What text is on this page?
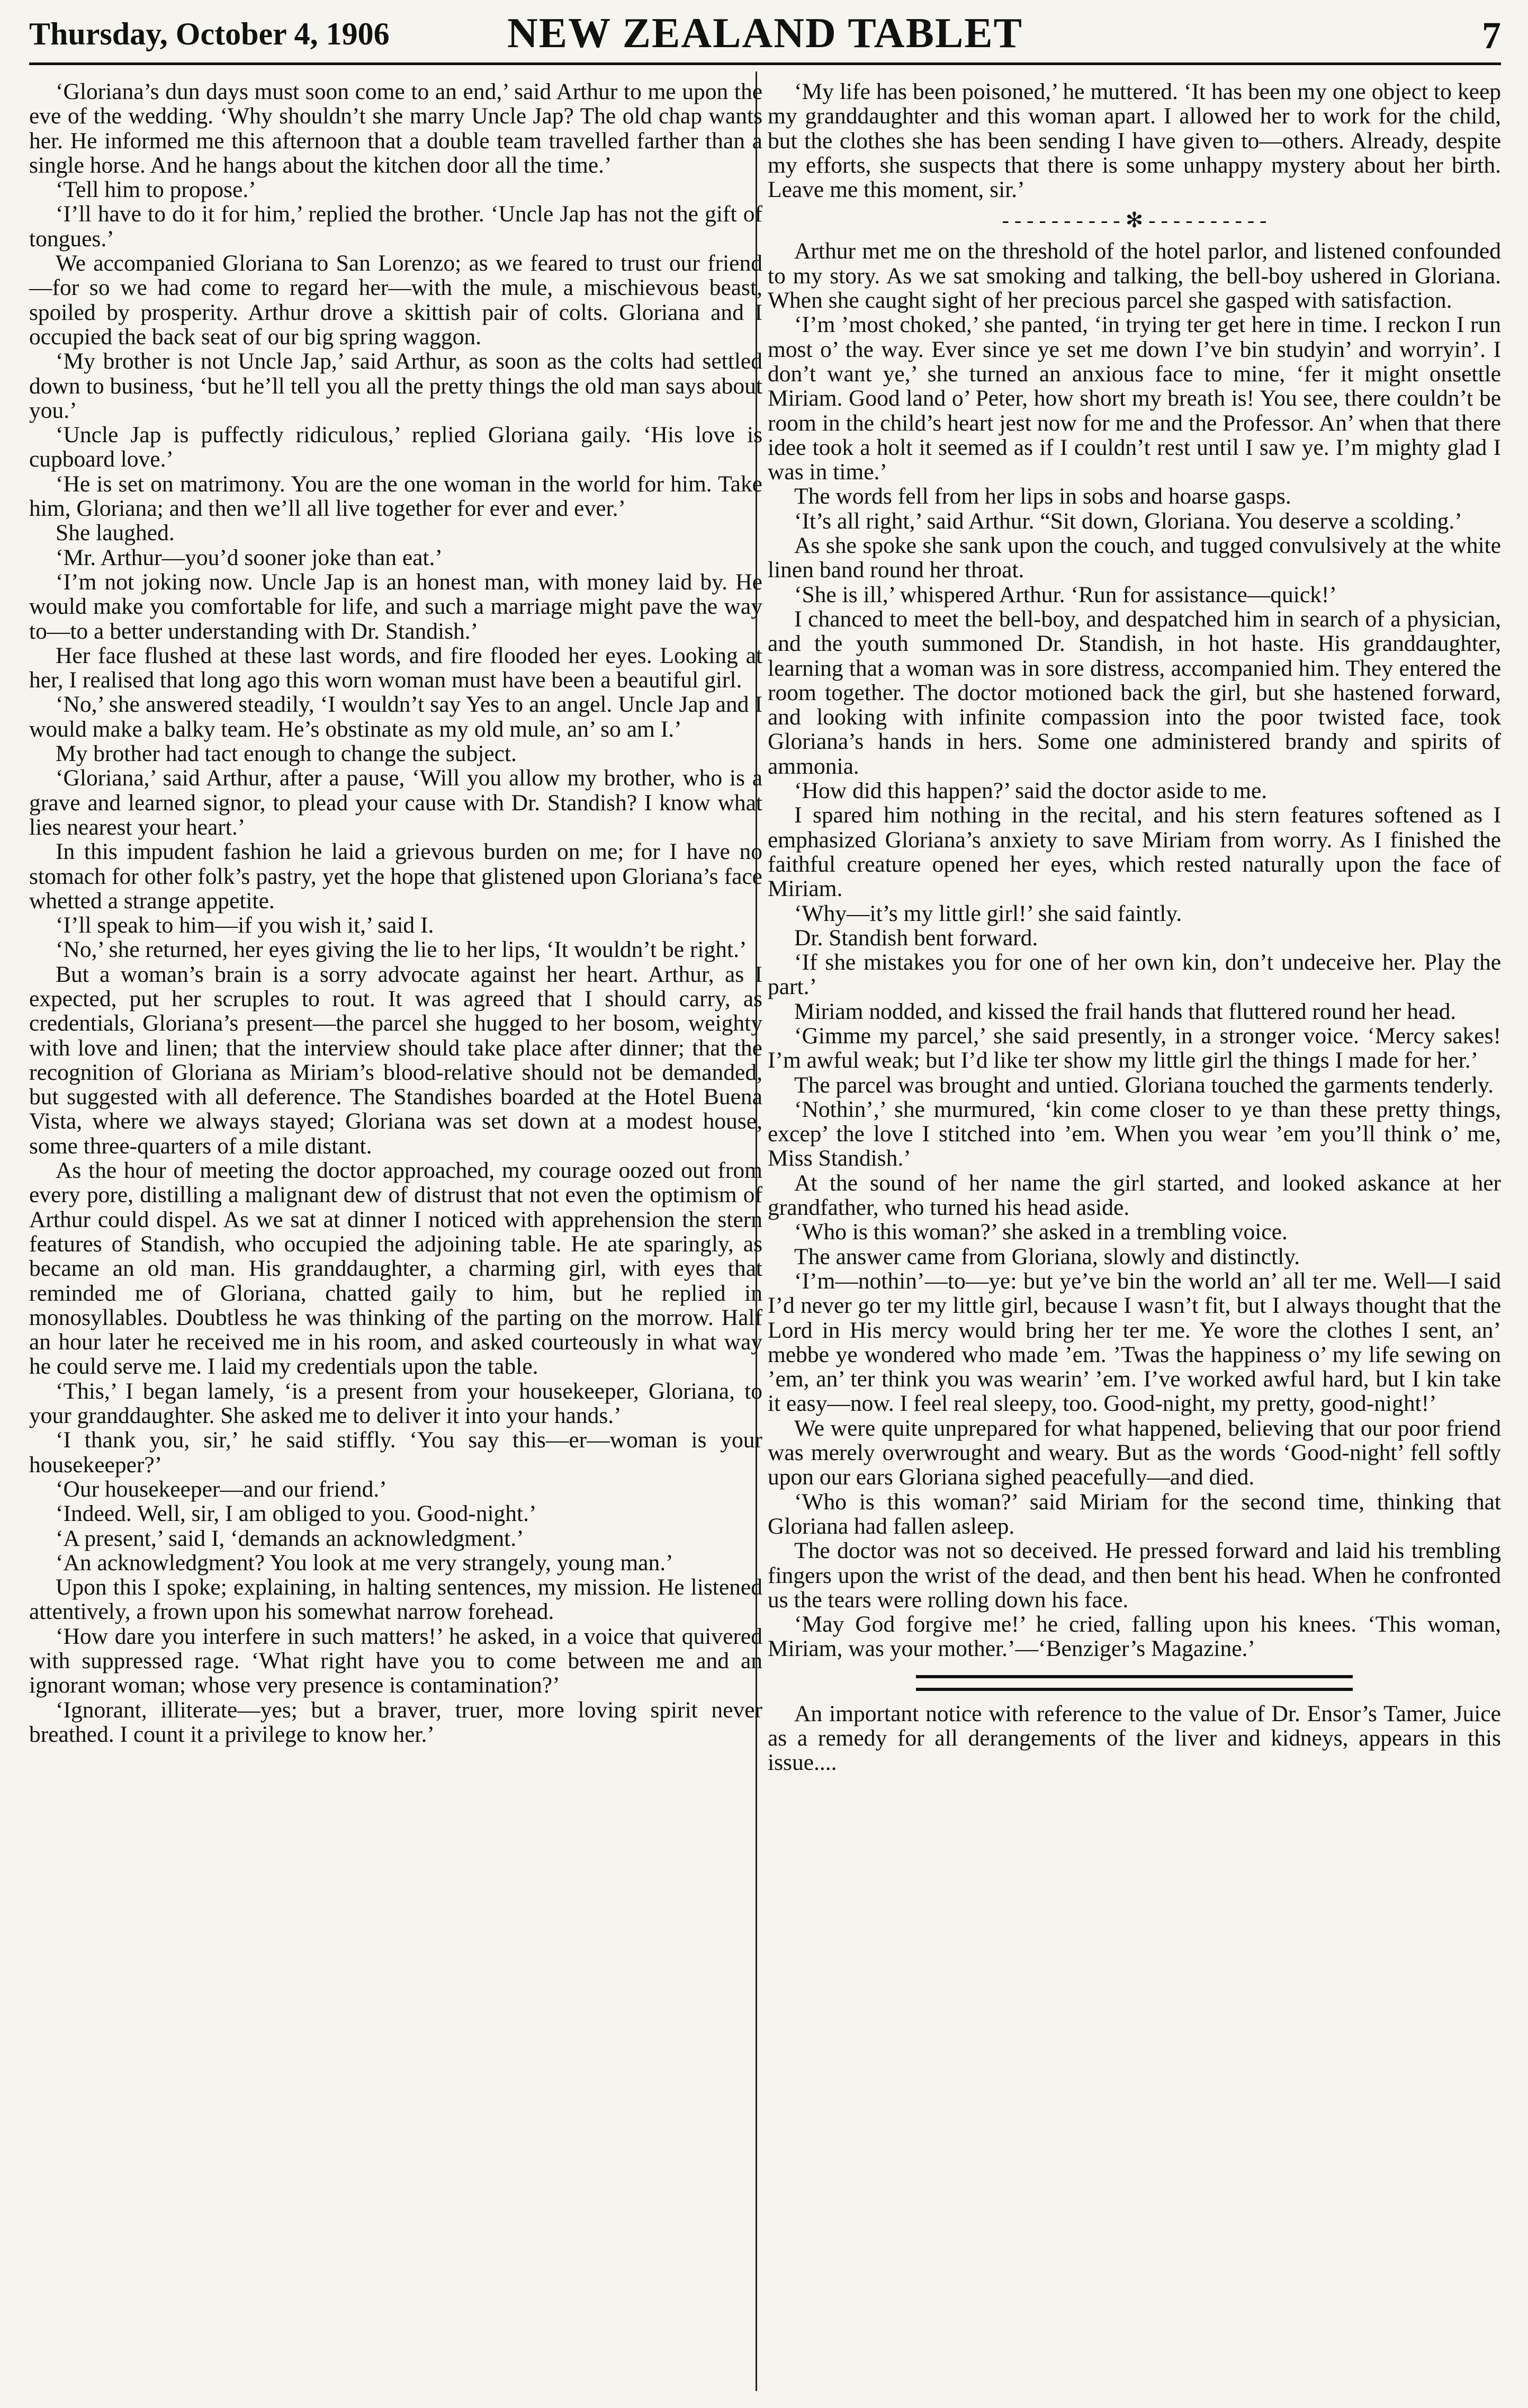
Thursday, October 4, 1906	NEW ZEALAND TABLET	7

‘Gloriana’s dun days must soon come to an end,’ said Arthur to me upon the eve of the wedding. ‘Why shouldn’t she marry Uncle Jap? The old chap wants her. He informed me this afternoon that a double team travelled farther than a single horse. And he hangs about the kitchen door all the time.’

‘Tell him to propose.’

‘I’ll have to do it for him,’ replied the brother. ‘Uncle Jap has not the gift of tongues.’

We accompanied Gloriana to San Lorenzo; as we feared to trust our friend—for so we had come to regard her—with the mule, a mischievous beast, spoiled by prosperity. Arthur drove a skittish pair of colts. Gloriana and I occupied the back seat of our big spring waggon.

‘My brother is not Uncle Jap,’ said Arthur, as soon as the colts had settled down to business, ‘but he’ll tell you all the pretty things the old man says about you.’

‘Uncle Jap is puffectly ridiculous,’ replied Gloriana gaily. ‘His love is cupboard love.’

‘He is set on matrimony. You are the one woman in the world for him. Take him, Gloriana; and then we’ll all live together for ever and ever.’

She laughed.

‘Mr. Arthur—you’d sooner joke than eat.’

‘I’m not joking now. Uncle Jap is an honest man, with money laid by. He would make you comfortable for life, and such a marriage might pave the way to—to a better understanding with Dr. Standish.’

Her face flushed at these last words, and fire flooded her eyes. Looking at her, I realised that long ago this worn woman must have been a beautiful girl.

‘No,’ she answered steadily, ‘I wouldn’t say Yes to an angel. Uncle Jap and I would make a balky team. He’s obstinate as my old mule, an’ so am I.’

My brother had tact enough to change the subject.

‘Gloriana,’ said Arthur, after a pause, ‘Will you allow my brother, who is a grave and learned signor, to plead your cause with Dr. Standish? I know what lies nearest your heart.’

In this impudent fashion he laid a grievous burden on me; for I have no stomach for other folk’s pastry, yet the hope that glistened upon Gloriana’s face whetted a strange appetite.

‘I’ll speak to him—if you wish it,’ said I.

‘No,’ she returned, her eyes giving the lie to her lips, ‘It wouldn’t be right.’

But a woman’s brain is a sorry advocate against her heart. Arthur, as I expected, put her scruples to rout. It was agreed that I should carry, as credentials, Gloriana’s present—the parcel she hugged to her bosom, weighty with love and linen; that the interview should take place after dinner; that the recognition of Gloriana as Miriam’s blood-relative should not be demanded, but suggested with all deference. The Standishes boarded at the Hotel Buena Vista, where we always stayed; Gloriana was set down at a modest house, some three-quarters of a mile distant.

As the hour of meeting the doctor approached, my courage oozed out from every pore, distilling a malignant dew of distrust that not even the optimism of Arthur could dispel. As we sat at dinner I noticed with apprehension the stern features of Standish, who occupied the adjoining table. He ate sparingly, as became an old man. His granddaughter, a charming girl, with eyes that reminded me of Gloriana, chatted gaily to him, but he replied in monosyllables. Doubtless he was thinking of the parting on the morrow. Half an hour later he received me in his room, and asked courteously in what way he could serve me. I laid my credentials upon the table.

‘This,’ I began lamely, ‘is a present from your housekeeper, Gloriana, to your granddaughter. She asked me to deliver it into your hands.’

‘I thank you, sir,’ he said stiffly. ‘You say this—er—woman is your housekeeper?’

‘Our housekeeper—and our friend.’

‘Indeed. Well, sir, I am obliged to you. Good-night.’

‘A present,’ said I, ‘demands an acknowledgment.’

‘An acknowledgment? You look at me very strangely, young man.’

Upon this I spoke; explaining, in halting sentences, my mission. He listened attentively, a frown upon his somewhat narrow forehead.

‘How dare you interfere in such matters!’ he asked, in a voice that quivered with suppressed rage. ‘What right have you to come between me and an ignorant woman; whose very presence is contamination?’

‘Ignorant, illiterate—yes; but a braver, truer, more loving spirit never breathed. I count it a privilege to know her.’

‘My life has been poisoned,’ he muttered. ‘It has been my one object to keep my granddaughter and this woman apart. I allowed her to work for the child, but the clothes she has been sending I have given to—others. Already, despite my efforts, she suspects that there is some unhappy mystery about her birth. Leave me this moment, sir.’

- - - - - - - - - - ✻ - - - - - - - - - -

Arthur met me on the threshold of the hotel parlor, and listened confounded to my story. As we sat smoking and talking, the bell-boy ushered in Gloriana. When she caught sight of her precious parcel she gasped with satisfaction.

‘I’m ’most choked,’ she panted, ‘in trying ter get here in time. I reckon I run most o’ the way. Ever since ye set me down I’ve bin studyin’ and worryin’. I don’t want ye,’ she turned an anxious face to mine, ‘fer it might onsettle Miriam. Good land o’ Peter, how short my breath is! You see, there couldn’t be room in the child’s heart jest now for me and the Professor. An’ when that there idee took a holt it seemed as if I couldn’t rest until I saw ye. I’m mighty glad I was in time.’

The words fell from her lips in sobs and hoarse gasps.

‘It’s all right,’ said Arthur. “Sit down, Gloriana. You deserve a scolding.’

As she spoke she sank upon the couch, and tugged convulsively at the white linen band round her throat.

‘She is ill,’ whispered Arthur. ‘Run for assistance—quick!’

I chanced to meet the bell-boy, and despatched him in search of a physician, and the youth summoned Dr. Standish, in hot haste. His granddaughter, learning that a woman was in sore distress, accompanied him. They entered the room together. The doctor motioned back the girl, but she hastened forward, and looking with infinite compassion into the poor twisted face, took Gloriana’s hands in hers. Some one administered brandy and spirits of ammonia.

‘How did this happen?’ said the doctor aside to me.

I spared him nothing in the recital, and his stern features softened as I emphasized Gloriana’s anxiety to save Miriam from worry. As I finished the faithful creature opened her eyes, which rested naturally upon the face of Miriam.

‘Why—it’s my little girl!’ she said faintly.

Dr. Standish bent forward.

‘If she mistakes you for one of her own kin, don’t undeceive her. Play the part.’

Miriam nodded, and kissed the frail hands that fluttered round her head.

‘Gimme my parcel,’ she said presently, in a stronger voice. ‘Mercy sakes! I’m awful weak; but I’d like ter show my little girl the things I made for her.’

The parcel was brought and untied. Gloriana touched the garments tenderly.

‘Nothin’,’ she murmured, ‘kin come closer to ye than these pretty things, excep’ the love I stitched into ’em. When you wear ’em you’ll think o’ me, Miss Standish.’

At the sound of her name the girl started, and looked askance at her grandfather, who turned his head aside.

‘Who is this woman?’ she asked in a trembling voice.

The answer came from Gloriana, slowly and distinctly.

‘I’m—nothin’—to—ye: but ye’ve bin the world an’ all ter me. Well—I said I’d never go ter my little girl, because I wasn’t fit, but I always thought that the Lord in His mercy would bring her ter me. Ye wore the clothes I sent, an’ mebbe ye wondered who made ’em. ’Twas the happiness o’ my life sewing on ’em, an’ ter think you was wearin’ ’em. I’ve worked awful hard, but I kin take it easy—now. I feel real sleepy, too. Good-night, my pretty, good-night!’

We were quite unprepared for what happened, believing that our poor friend was merely overwrought and weary. But as the words ‘Good-night’ fell softly upon our ears Gloriana sighed peacefully—and died.

‘Who is this woman?’ said Miriam for the second time, thinking that Gloriana had fallen asleep.

The doctor was not so deceived. He pressed forward and laid his trembling fingers upon the wrist of the dead, and then bent his head. When he confronted us the tears were rolling down his face.

‘May God forgive me!’ he cried, falling upon his knees. ‘This woman, Miriam, was your mother.’—‘Benziger’s Magazine.’

An important notice with reference to the value of Dr. Ensor’s Tamer, Juice as a remedy for all derangements of the liver and kidneys, appears in this issue....
